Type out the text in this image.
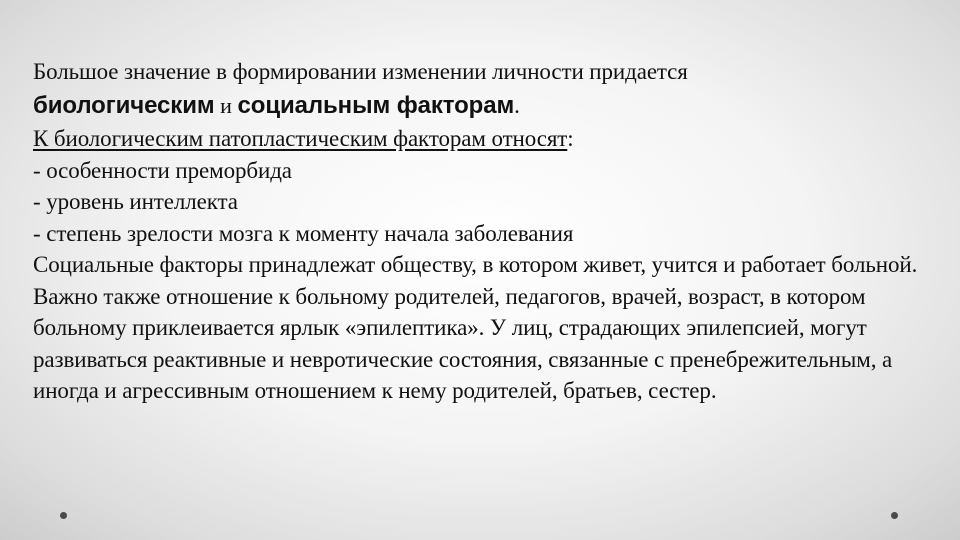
Большое значение в формировании изменении личности придается

биологическим и социальным факторам.

К биологическим патопластическим факторам относят:

- особенности преморбида

- уровень интеллекта

- степень зрелости мозга к моменту начала заболевания

Социальные факторы принадлежат обществу, в котором живет, учится и работает больной. Важно также отношение к больному родителей, педагогов, врачей, возраст, в котором больному приклеивается ярлык «эпилептика». У лиц, страдающих эпилепсией, могут развиваться реактивные и невротические состояния, связанные с пренебрежительным, а иногда и агрессивным отношением к нему родителей, братьев, сестер.
